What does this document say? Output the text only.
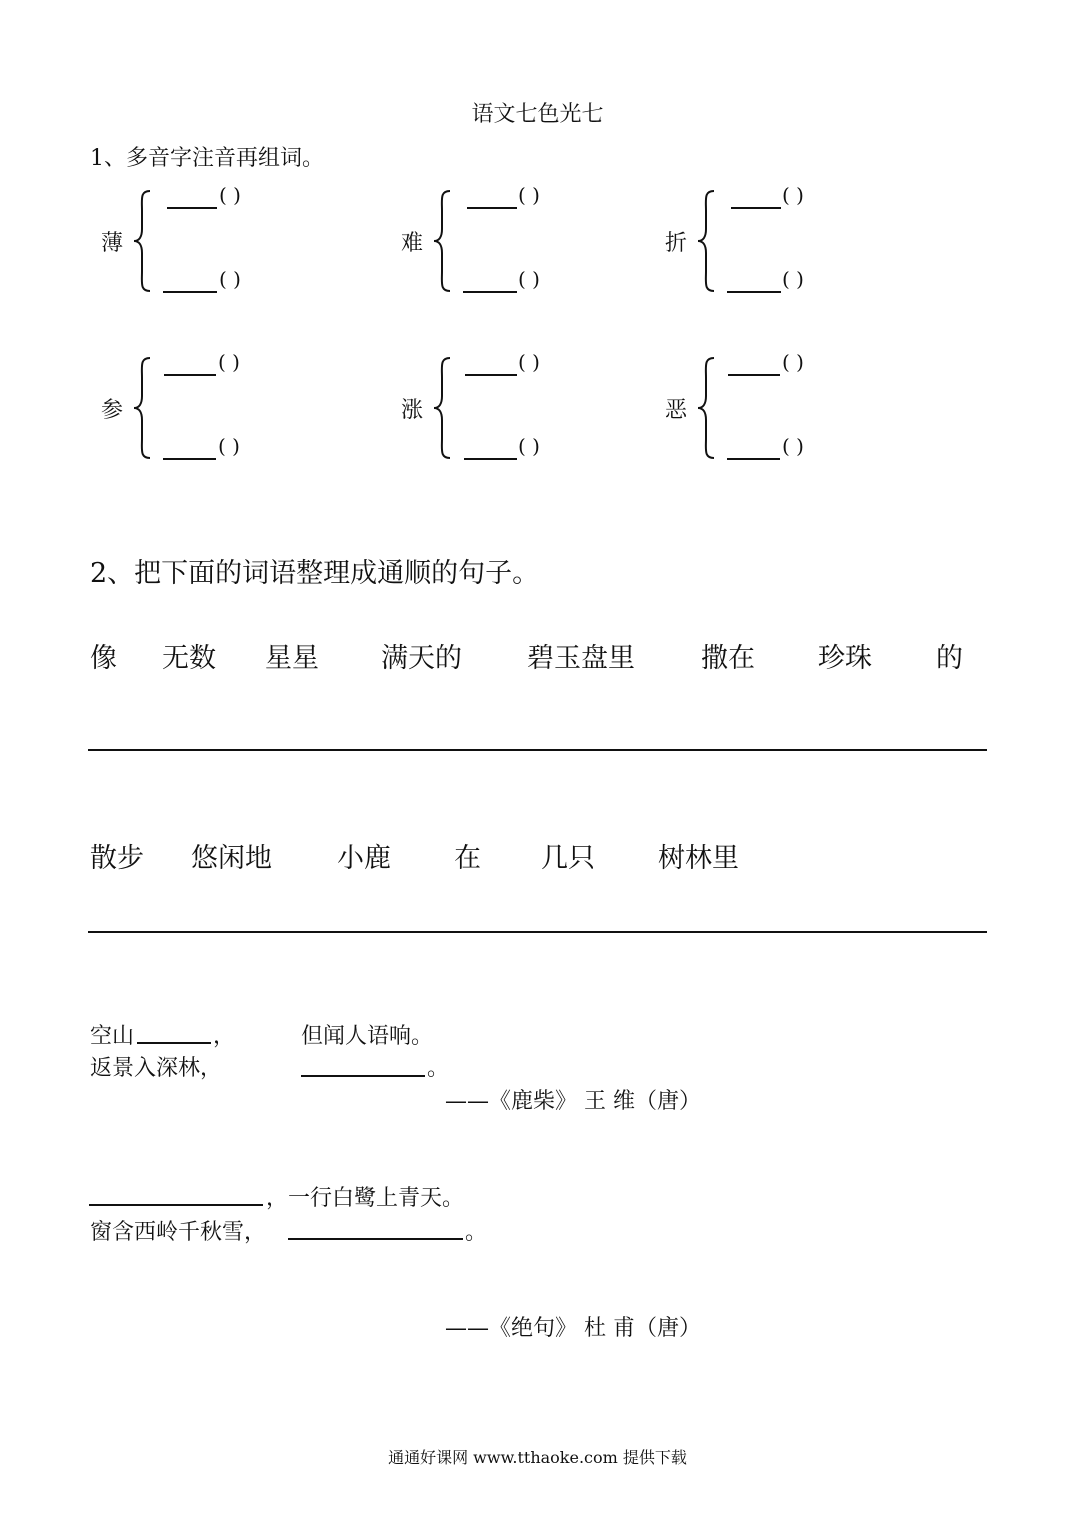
语文七色光七
1、多音字注音再组词。
薄
( )
( )
难
( )
( )
折
( )
( )
参
( )
( )
涨
( )
( )
恶
( )
( )
2、把下面的词语整理成通顺的句子。
像 无数 星星 满天的 碧玉盘里 撒在 珍珠 的
散步 悠闲地 小鹿 在 几只 树林里
空山	，	但闻人语响。
返景入深林，	。
——《鹿柴》 王 维（唐）
，一行白鹭上青天。
窗含西岭千秋雪，	。
——《绝句》 杜 甫（唐）
通通好课网 www.tthaoke.com 提供下载
